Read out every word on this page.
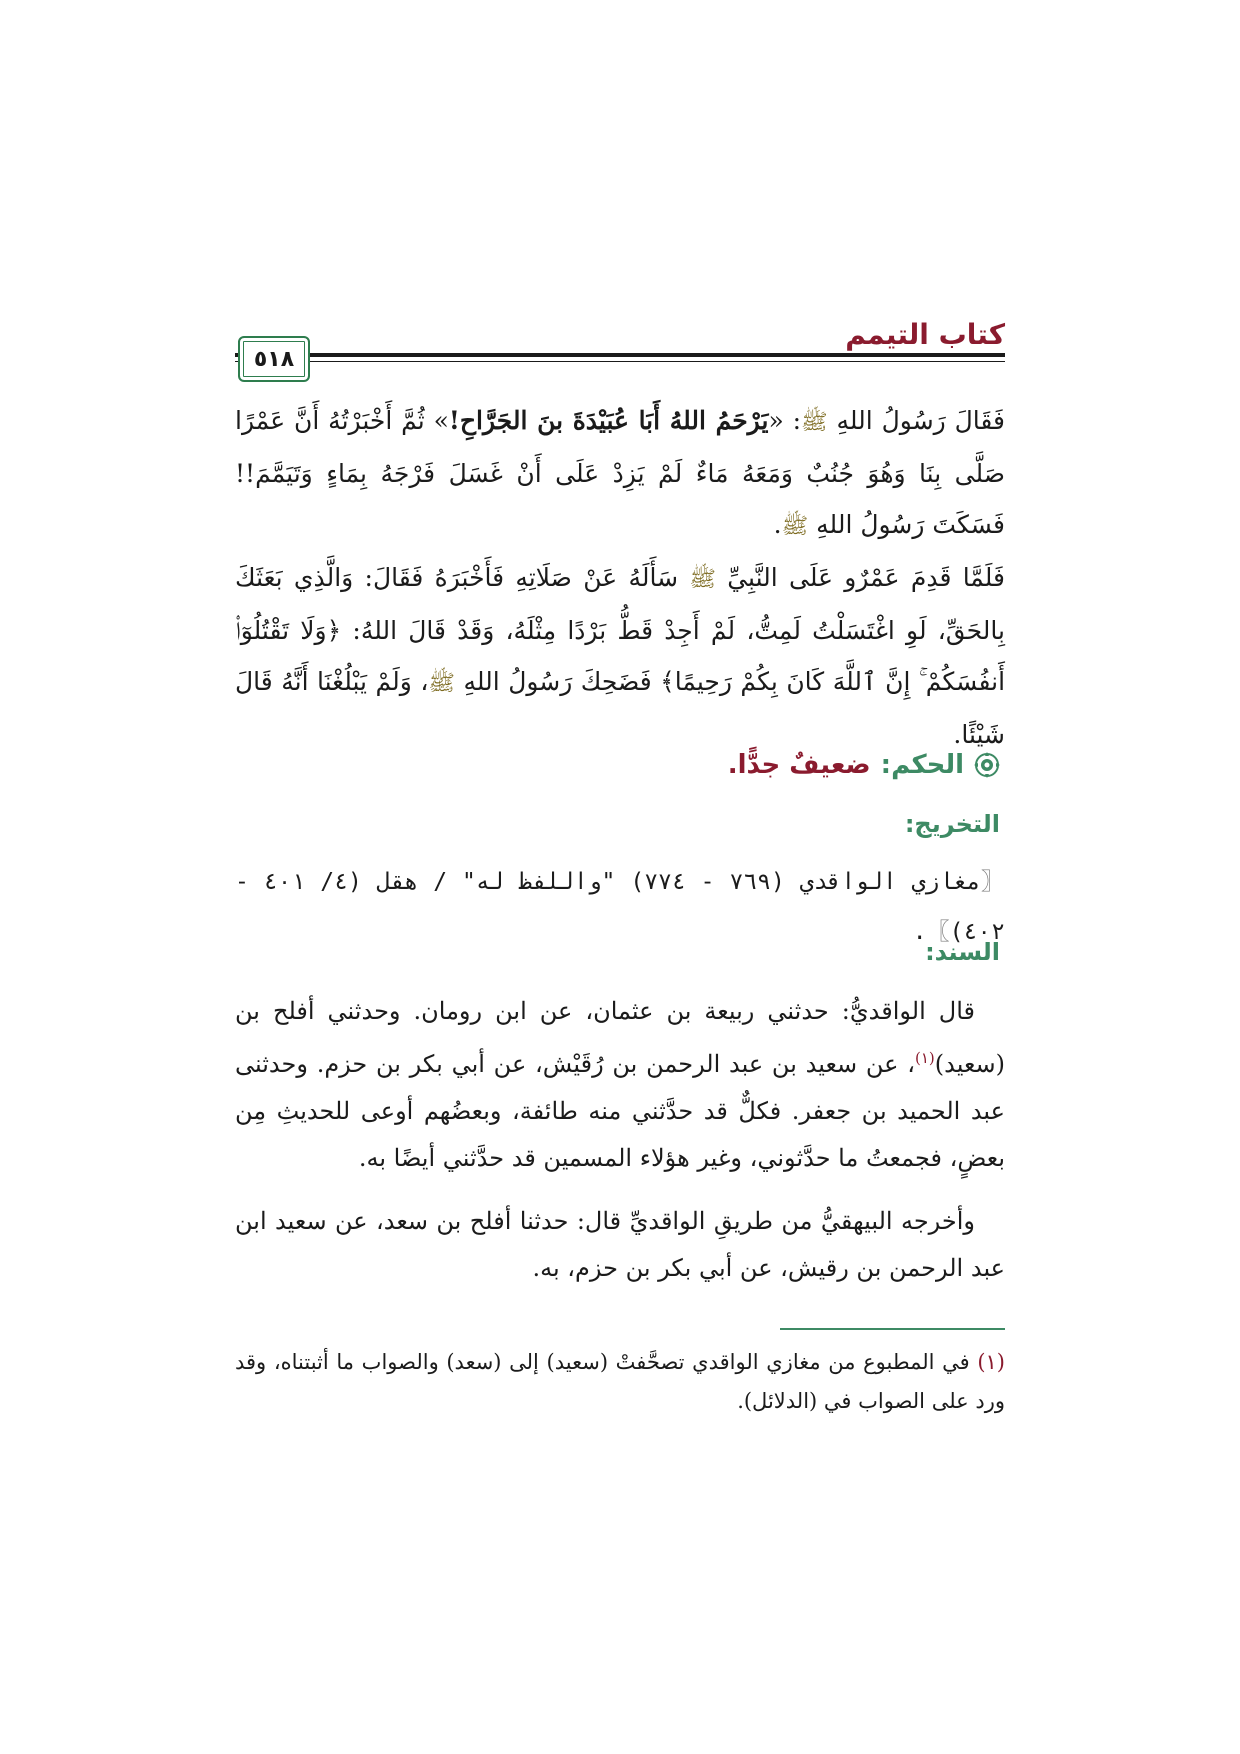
كتاب التيمم
٥١٨

فَقَالَ رَسُولُ اللهِ ﷺ: «يَرْحَمُ اللهُ أَبَا عُبَيْدَةَ بنَ الجَرَّاحِ!» ثُمَّ أَخْبَرْتُهُ أَنَّ عَمْرًا صَلَّى بِنَا وَهُوَ جُنُبٌ وَمَعَهُ مَاءٌ لَمْ يَزِدْ عَلَى أَنْ غَسَلَ فَرْجَهُ بِمَاءٍ وَتَيَمَّمَ!! فَسَكَتَ رَسُولُ اللهِ ﷺ.

فَلَمَّا قَدِمَ عَمْرٌو عَلَى النَّبِيِّ ﷺ سَأَلَهُ عَنْ صَلَاتِهِ فَأَخْبَرَهُ فَقَالَ: وَالَّذِي بَعَثَكَ بِالحَقِّ، لَوِ اغْتَسَلْتُ لَمِتُّ، لَمْ أَجِدْ قَطُّ بَرْدًا مِثْلَهُ، وَقَدْ قَالَ اللهُ: ﴿وَلَا تَقْتُلُوٓا۟ أَنفُسَكُمْ ۚ إِنَّ ٱللَّهَ كَانَ بِكُمْ رَحِيمًا﴾ فَضَحِكَ رَسُولُ اللهِ ﷺ، وَلَمْ يَبْلُغْنَا أَنَّهُ قَالَ شَيْئًا.

الحكم:
ضعيفٌ جدًّا.
التخريج:
〖مغازي الواقدي (٧٦٩ - ٧٧٤) "واللفظ له" / هقل (٤/ ٤٠١ - ٤٠٢)〗.
السند:

قال الواقديُّ: حدثني ربيعة بن عثمان، عن ابن رومان. وحدثني أفلح بن (سعيد)$^{(١)}$، عن سعيد بن عبد الرحمن بن رُقَيْش، عن أبي بكر بن حزم. وحدثنى عبد الحميد بن جعفر. فكلٌّ قد حدَّثني منه طائفة، وبعضُهم أوعى للحديثِ مِن بعضٍ، فجمعتُ ما حدَّثوني، وغير هؤلاء المسمين قد حدَّثني أيضًا به.

وأخرجه البيهقيُّ من طريقِ الواقديِّ قال: حدثنا أفلح بن سعد، عن سعيد ابن عبد الرحمن بن رقيش، عن أبي بكر بن حزم، به.

(١) في المطبوع من مغازي الواقدي تصحَّفتْ (سعيد) إلى (سعد) والصواب ما أثبتناه، وقد ورد على الصواب في (الدلائل).
